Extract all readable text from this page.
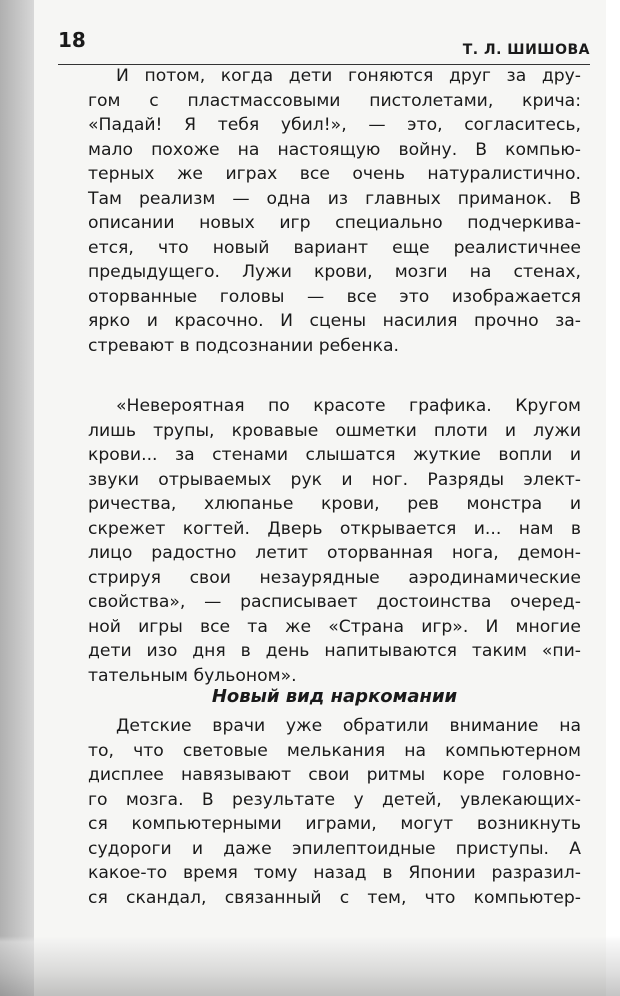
18	Т. Л. ШИШОВА
И потом, когда дети гоняются друг за дру-
гом с пластмассовыми пистолетами, крича:
«Падай! Я тебя убил!», — это, согласитесь,
мало похоже на настоящую войну. В компью-
терных же играх все очень натуралистично.
Там реализм — одна из главных приманок. В
описании новых игр специально подчеркива-
ется, что новый вариант еще реалистичнее
предыдущего. Лужи крови, мозги на стенах,
оторванные головы — все это изображается
ярко и красочно. И сцены насилия прочно за-
стревают в подсознании ребенка.
«Невероятная по красоте графика. Кругом
лишь трупы, кровавые ошметки плоти и лужи
крови... за стенами слышатся жуткие вопли и
звуки отрываемых рук и ног. Разряды элект-
ричества, хлюпанье крови, рев монстра и
скрежет когтей. Дверь открывается и... нам в
лицо радостно летит оторванная нога, демон-
стрируя свои незаурядные аэродинамические
свойства», — расписывает достоинства очеред-
ной игры все та же «Страна игр». И многие
дети изо дня в день напитываются таким «пи-
тательным бульоном».
Новый вид наркомании
Детские врачи уже обратили внимание на
то, что световые мелькания на компьютерном
дисплее навязывают свои ритмы коре головно-
го мозга. В результате у детей, увлекающих-
ся компьютерными играми, могут возникнуть
судороги и даже эпилептоидные приступы. А
какое-то время тому назад в Японии разразил-
ся скандал, связанный с тем, что компьютер-
